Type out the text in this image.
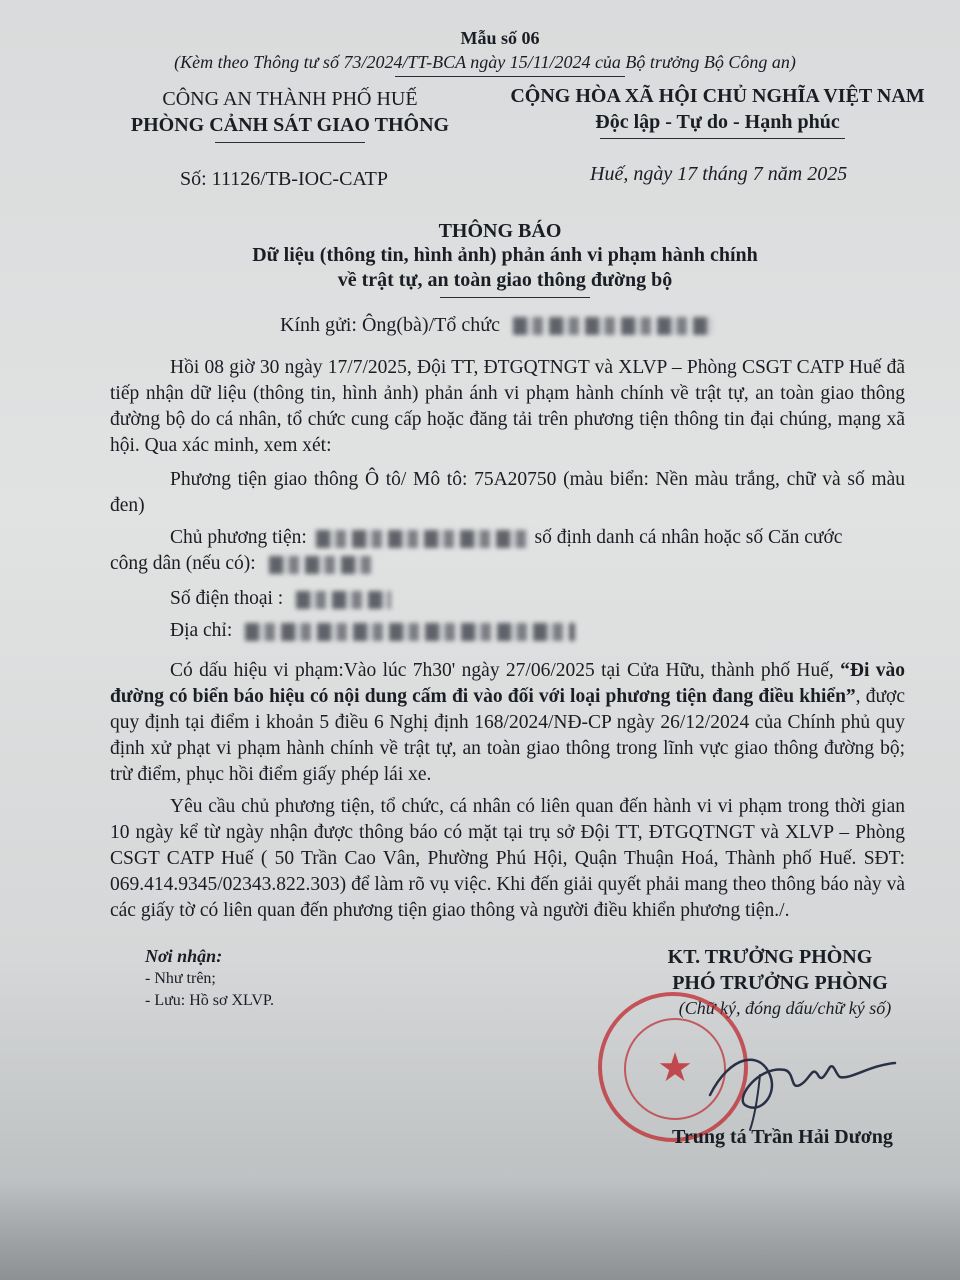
Mẫu số 06
(Kèm theo Thông tư số 73/2024/TT-BCA ngày 15/11/2024 của Bộ trưởng Bộ Công an)
CÔNG AN THÀNH PHỐ HUẾ
PHÒNG CẢNH SÁT GIAO THÔNG
CỘNG HÒA XÃ HỘI CHỦ NGHĨA VIỆT NAM
Độc lập - Tự do - Hạnh phúc
Số: 11126/TB-IOC-CATP	Huế, ngày 17 tháng 7 năm 2025
THÔNG BÁO
Dữ liệu (thông tin, hình ảnh) phản ánh vi phạm hành chính
về trật tự, an toàn giao thông đường bộ
Kính gửi: Ông(bà)/Tổ chức
Hồi 08 giờ 30 ngày 17/7/2025, Đội TT, ĐTGQTNGT và XLVP – Phòng CSGT CATP Huế đã tiếp nhận dữ liệu (thông tin, hình ảnh) phản ánh vi phạm hành chính về trật tự, an toàn giao thông đường bộ do cá nhân, tổ chức cung cấp hoặc đăng tải trên phương tiện thông tin đại chúng, mạng xã hội. Qua xác minh, xem xét:
Phương tiện giao thông Ô tô/ Mô tô: 75A20750 (màu biển: Nền màu trắng, chữ và số màu đen)
Chủ phương tiện:	số định danh cá nhân hoặc số Căn cước
công dân (nếu có):
Số điện thoại :
Địa chỉ:
Có dấu hiệu vi phạm:Vào lúc 7h30' ngày 27/06/2025 tại Cửa Hữu, thành phố Huế, “Đi vào đường có biển báo hiệu có nội dung cấm đi vào đối với loại phương tiện đang điều khiển”, được quy định tại điểm i khoản 5 điều 6 Nghị định 168/2024/NĐ-CP ngày 26/12/2024 của Chính phủ quy định xử phạt vi phạm hành chính về trật tự, an toàn giao thông trong lĩnh vực giao thông đường bộ; trừ điểm, phục hồi điểm giấy phép lái xe.
Yêu cầu chủ phương tiện, tổ chức, cá nhân có liên quan đến hành vi vi phạm trong thời gian 10 ngày kể từ ngày nhận được thông báo có mặt tại trụ sở Đội TT, ĐTGQTNGT và XLVP – Phòng CSGT CATP Huế ( 50 Trần Cao Vân, Phường Phú Hội, Quận Thuận Hoá, Thành phố Huế. SĐT: 069.414.9345/02343.822.303) để làm rõ vụ việc. Khi đến giải quyết phải mang theo thông báo này và các giấy tờ có liên quan đến phương tiện giao thông và người điều khiển phương tiện./.
Nơi nhận:
- Như trên;
- Lưu: Hồ sơ XLVP.
KT. TRƯỞNG PHÒNG
PHÓ TRƯỞNG PHÒNG
(Chữ ký, đóng dấu/chữ ký số)
★
Trung tá Trần Hải Dương
